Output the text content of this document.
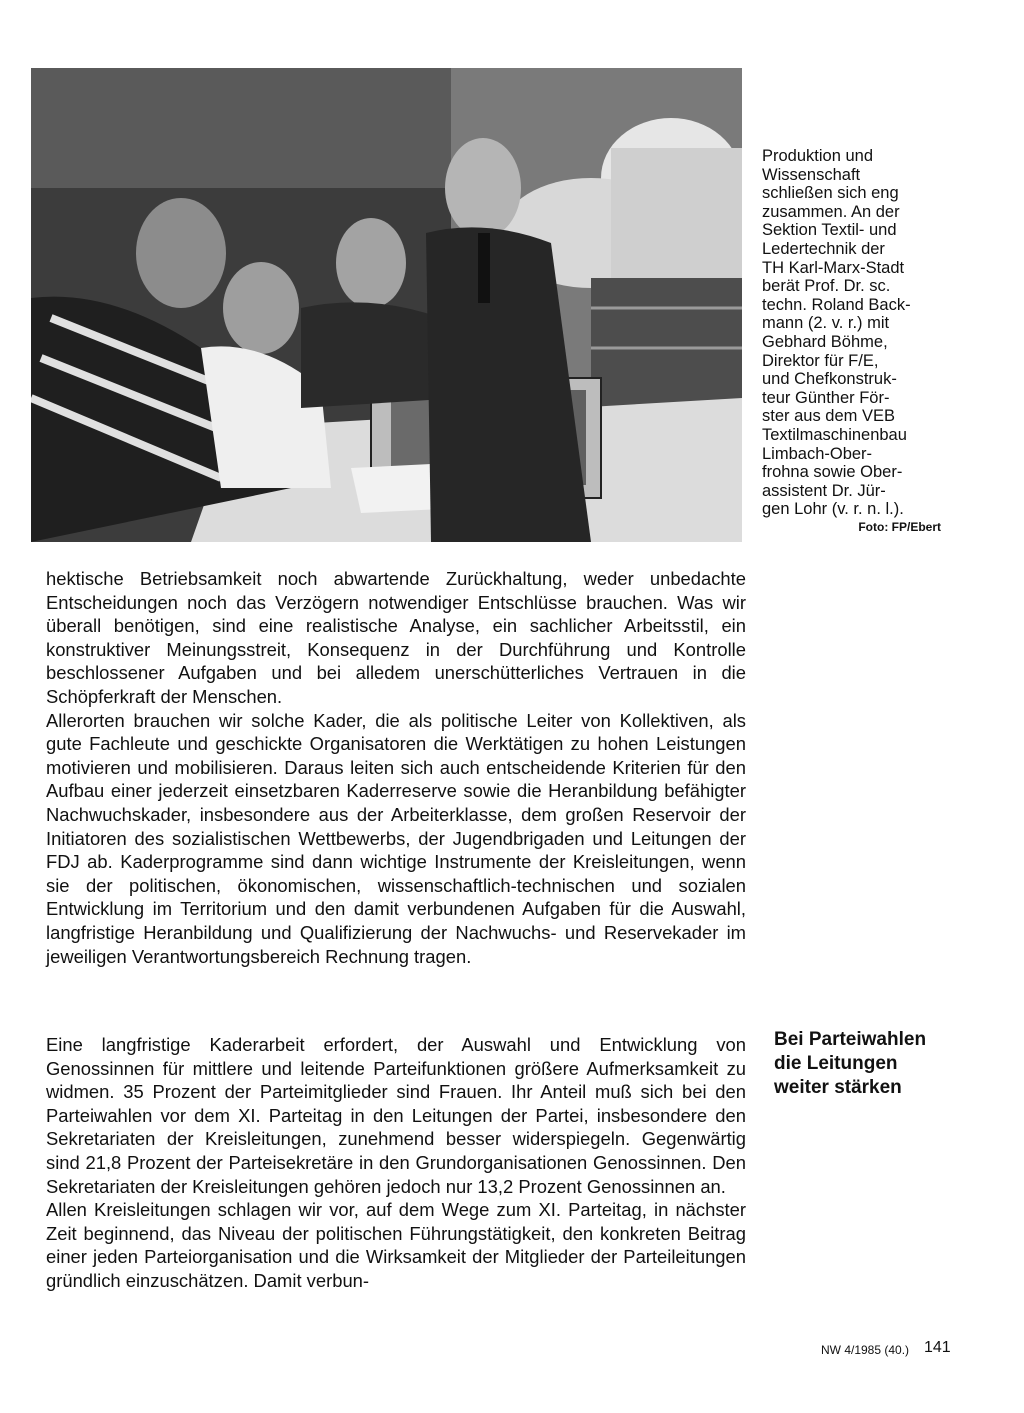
Produktion und
Wissenschaft
schließen sich eng
zusammen. An der
Sektion Textil- und
Ledertechnik der
TH Karl-Marx-Stadt
berät Prof. Dr. sc.
techn. Roland Back-
mann (2. v. r.) mit
Gebhard Böhme,
Direktor für F/E,
und Chefkonstruk-
teur Günther För-
ster aus dem VEB
Textilmaschinenbau
Limbach-Ober-
frohna sowie Ober-
assistent Dr. Jür-
gen Lohr (v. r. n. l.).
Foto: FP/Ebert

hektische Betriebsamkeit noch abwartende Zurückhaltung, weder unbedachte Entscheidungen noch das Verzögern notwendiger Entschlüsse brauchen. Was wir überall benötigen, sind eine realistische Analyse, ein sachlicher Arbeitsstil, ein konstruktiver Meinungsstreit, Konsequenz in der Durchführung und Kontrolle beschlossener Aufgaben und bei alledem unerschütterliches Vertrauen in die Schöpferkraft der Menschen.

Allerorten brauchen wir solche Kader, die als politische Leiter von Kollektiven, als gute Fachleute und geschickte Organisatoren die Werktätigen zu hohen Leistungen motivieren und mobilisieren. Daraus leiten sich auch entscheidende Kriterien für den Aufbau einer jederzeit einsetzbaren Kaderreserve sowie die Heranbildung befähigter Nachwuchskader, insbesondere aus der Arbeiterklasse, dem großen Reservoir der Initiatoren des sozialistischen Wettbewerbs, der Jugendbrigaden und Leitungen der FDJ ab. Kaderprogramme sind dann wichtige Instrumente der Kreisleitungen, wenn sie der politischen, ökonomischen, wissenschaftlich-technischen und sozialen Entwicklung im Territorium und den damit verbundenen Aufgaben für die Auswahl, langfristige Heranbildung und Qualifizierung der Nachwuchs- und Reservekader im jeweiligen Verantwortungsbereich Rechnung tragen.

Eine langfristige Kaderarbeit erfordert, der Auswahl und Entwicklung von Genossinnen für mittlere und leitende Parteifunktionen größere Aufmerksamkeit zu widmen. 35 Prozent der Parteimitglieder sind Frauen. Ihr Anteil muß sich bei den Parteiwahlen vor dem XI. Parteitag in den Leitungen der Partei, insbesondere den Sekretariaten der Kreisleitungen, zunehmend besser widerspiegeln. Gegenwärtig sind 21,8 Prozent der Parteisekretäre in den Grundorganisationen Genossinnen. Den Sekretariaten der Kreisleitungen gehören jedoch nur 13,2 Prozent Genossinnen an.

Allen Kreisleitungen schlagen wir vor, auf dem Wege zum XI. Parteitag, in nächster Zeit beginnend, das Niveau der politischen Führungstätigkeit, den konkreten Beitrag einer jeden Parteiorganisation und die Wirksamkeit der Mitglieder der Parteileitungen gründlich einzuschätzen. Damit verbun-

Bei Parteiwahlen
die Leitungen
weiter stärken
NW 4/1985 (40.) 141
